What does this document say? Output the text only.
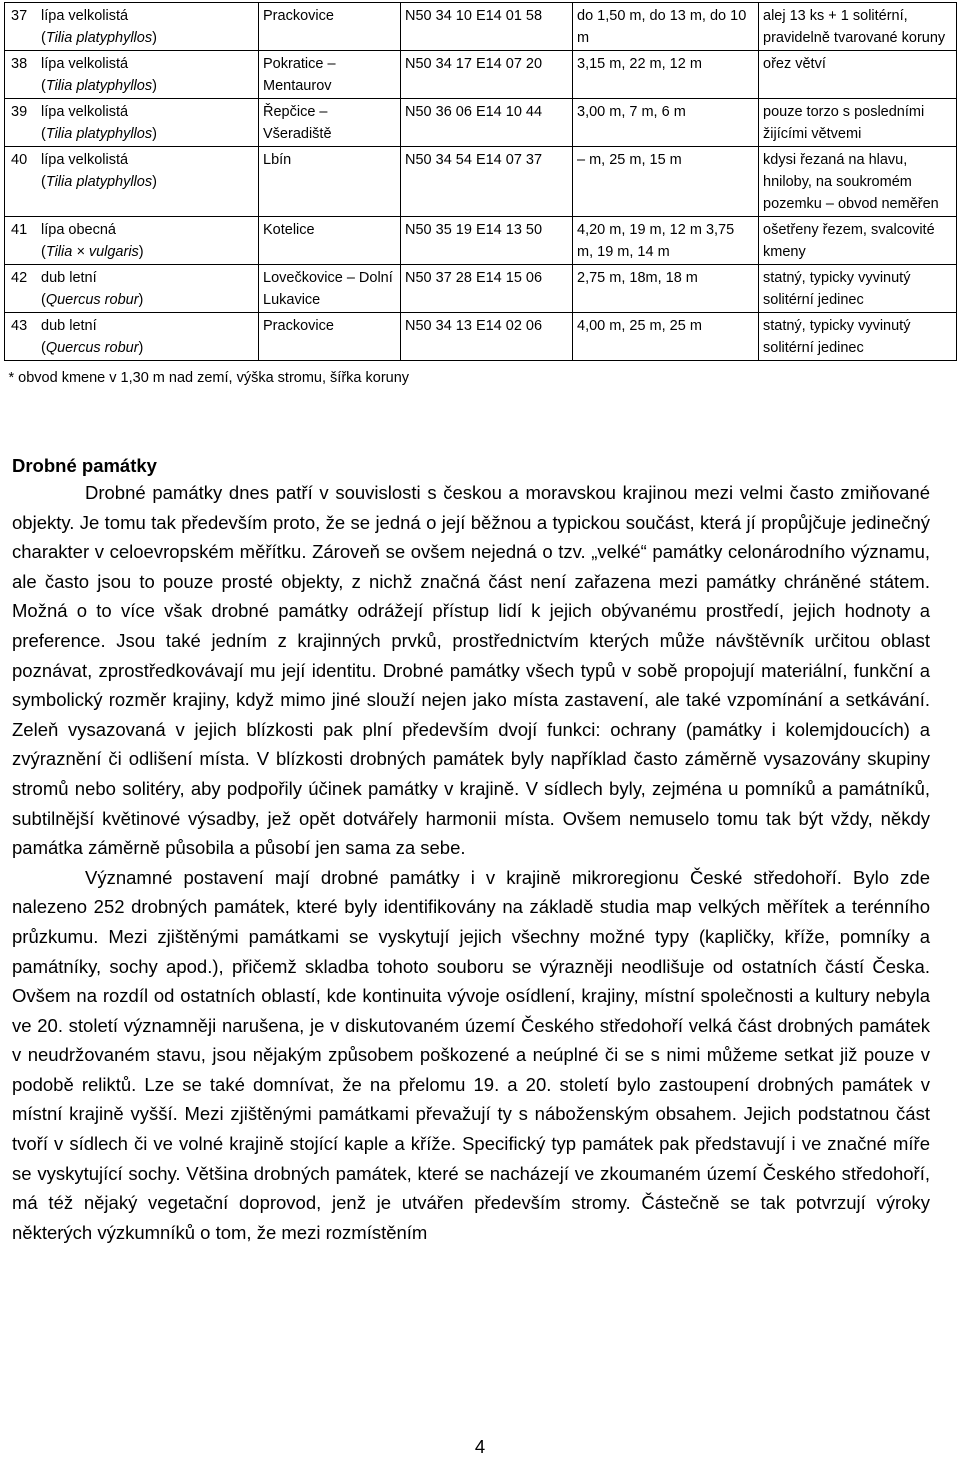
37 lípa velkolistá
(Tilia platyphyllos)	Prackovice	N50 34 10 E14 01 58	do 1,50 m, do 13 m, do 10 m	alej 13 ks + 1 solitérní, pravidelně tvarované koruny
38 lípa velkolistá
(Tilia platyphyllos)	Pokratice – Mentaurov	N50 34 17 E14 07 20	3,15 m, 22 m, 12 m	ořez větví
39 lípa velkolistá
(Tilia platyphyllos)	Řepčice – Všeradiště	N50 36 06 E14 10 44	3,00 m, 7 m, 6 m	pouze torzo s posledními žijícími větvemi
40 lípa velkolistá
(Tilia platyphyllos)	Lbín	N50 34 54 E14 07 37	– m, 25 m, 15 m	kdysi řezaná na hlavu, hniloby, na soukromém pozemku – obvod neměřen
41 lípa obecná
(Tilia × vulgaris)	Kotelice	N50 35 19 E14 13 50	4,20 m, 19 m, 12 m 3,75 m, 19 m, 14 m	ošetřeny řezem, svalcovité kmeny
42 dub letní
(Quercus robur)	Lovečkovice – Dolní Lukavice	N50 37 28 E14 15 06	2,75 m, 18m, 18 m	statný, typicky vyvinutý solitérní jedinec
43 dub letní
(Quercus robur)	Prackovice	N50 34 13 E14 02 06	4,00 m, 25 m, 25 m	statný, typicky vyvinutý solitérní jedinec
* obvod kmene v 1,30 m nad zemí, výška stromu, šířka koruny				
Drobné památky

Drobné památky dnes patří v souvislosti s českou a moravskou krajinou mezi velmi často zmiňované objekty. Je tomu tak především proto, že se jedná o její běžnou a typickou součást, která jí propůjčuje jedinečný charakter v celoevropském měřítku. Zároveň se ovšem nejedná o tzv. „velké“ památky celonárodního významu, ale často jsou to pouze prosté objekty, z nichž značná část není zařazena mezi památky chráněné státem. Možná o to více však drobné památky odrážejí přístup lidí k jejich obývanému prostředí, jejich hodnoty a preference. Jsou také jedním z krajinných prvků, prostřednictvím kterých může návštěvník určitou oblast poznávat, zprostředkovávají mu její identitu. Drobné památky všech typů v sobě propojují materiální, funkční a symbolický rozměr krajiny, když mimo jiné slouží nejen jako místa zastavení, ale také vzpomínání a setkávání. Zeleň vysazovaná v jejich blízkosti pak plní především dvojí funkci: ochrany (památky i kolemjdoucích) a zvýraznění či odlišení místa. V blízkosti drobných památek byly například často záměrně vysazovány skupiny stromů nebo solitéry, aby podpořily účinek památky v krajině. V sídlech byly, zejména u pomníků a památníků, subtilnější květinové výsadby, jež opět dotvářely harmonii místa. Ovšem nemuselo tomu tak být vždy, někdy památka záměrně působila a působí jen sama za sebe.

Významné postavení mají drobné památky i v krajině mikroregionu České středohoří. Bylo zde nalezeno 252 drobných památek, které byly identifikovány na základě studia map velkých měřítek a terénního průzkumu. Mezi zjištěnými památkami se vyskytují jejich všechny možné typy (kapličky, kříže, pomníky a památníky, sochy apod.), přičemž skladba tohoto souboru se výrazněji neodlišuje od ostatních částí Česka. Ovšem na rozdíl od ostatních oblastí, kde kontinuita vývoje osídlení, krajiny, místní společnosti a kultury nebyla ve 20. století významněji narušena, je v diskutovaném území Českého středohoří velká část drobných památek v neudržovaném stavu, jsou nějakým způsobem poškozené a neúplné či se s nimi můžeme setkat již pouze v podobě reliktů. Lze se také domnívat, že na přelomu 19. a 20. století bylo zastoupení drobných památek v místní krajině vyšší. Mezi zjištěnými památkami převažují ty s náboženským obsahem. Jejich podstatnou část tvoří v sídlech či ve volné krajině stojící kaple a kříže. Specifický typ památek pak představují i ve značné míře se vyskytující sochy. Většina drobných památek, které se nacházejí ve zkoumaném území Českého středohoří, má též nějaký vegetační doprovod, jenž je utvářen především stromy. Částečně se tak potvrzují výroky některých výzkumníků o tom, že mezi rozmístěním

4
